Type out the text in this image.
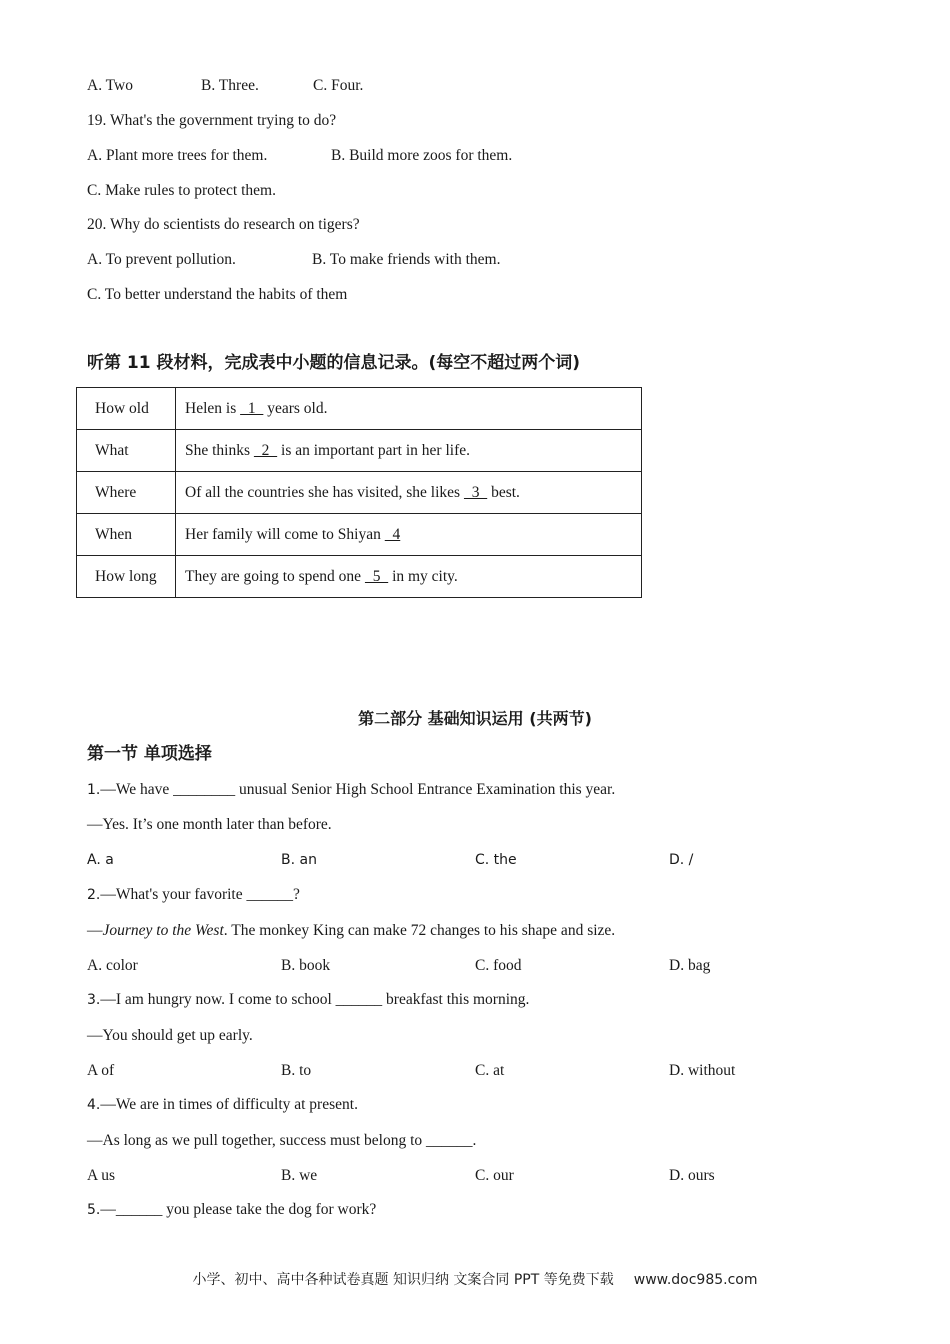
A. Two	B. Three.	C. Four.
19. What's the government trying to do?
A. Plant more trees for them.	B. Build more zoos for them.
C. Make rules to protect them.
20. Why do scientists do research on tigers?
A. To prevent pollution.	B. To make friends with them.
C. To better understand the habits of them
听第 11 段材料，完成表中小题的信息记录。(每空不超过两个词)
How old	Helen is   1   years old.
What	She thinks   2   is an important part in her life.
Where	Of all the countries she has visited, she likes   3   best.
When	Her family will come to Shiyan   4
How long	They are going to spend one   5   in my city.
第二部分 基础知识运用 (共两节)
第一节 单项选择
1.—We have ________ unusual Senior High School Entrance Examination this year.
—Yes. It’s one month later than before.
A. a	B. an	C. the	D. /
2.—What's your favorite ______?
—Journey to the West. The monkey King can make 72 changes to his shape and size.
A. color	B. book	C. food	D. bag
3.—I am hungry now. I come to school ______ breakfast this morning.
—You should get up early.
A of	B. to	C. at	D. without
4.—We are in times of difficulty at present.
—As long as we pull together, success must belong to ______.
A us	B. we	C. our	D. ours
5.—______ you please take the dog for work?
小学、初中、高中各种试卷真题 知识归纳 文案合同 PPT 等免费下载 www.doc985.com
